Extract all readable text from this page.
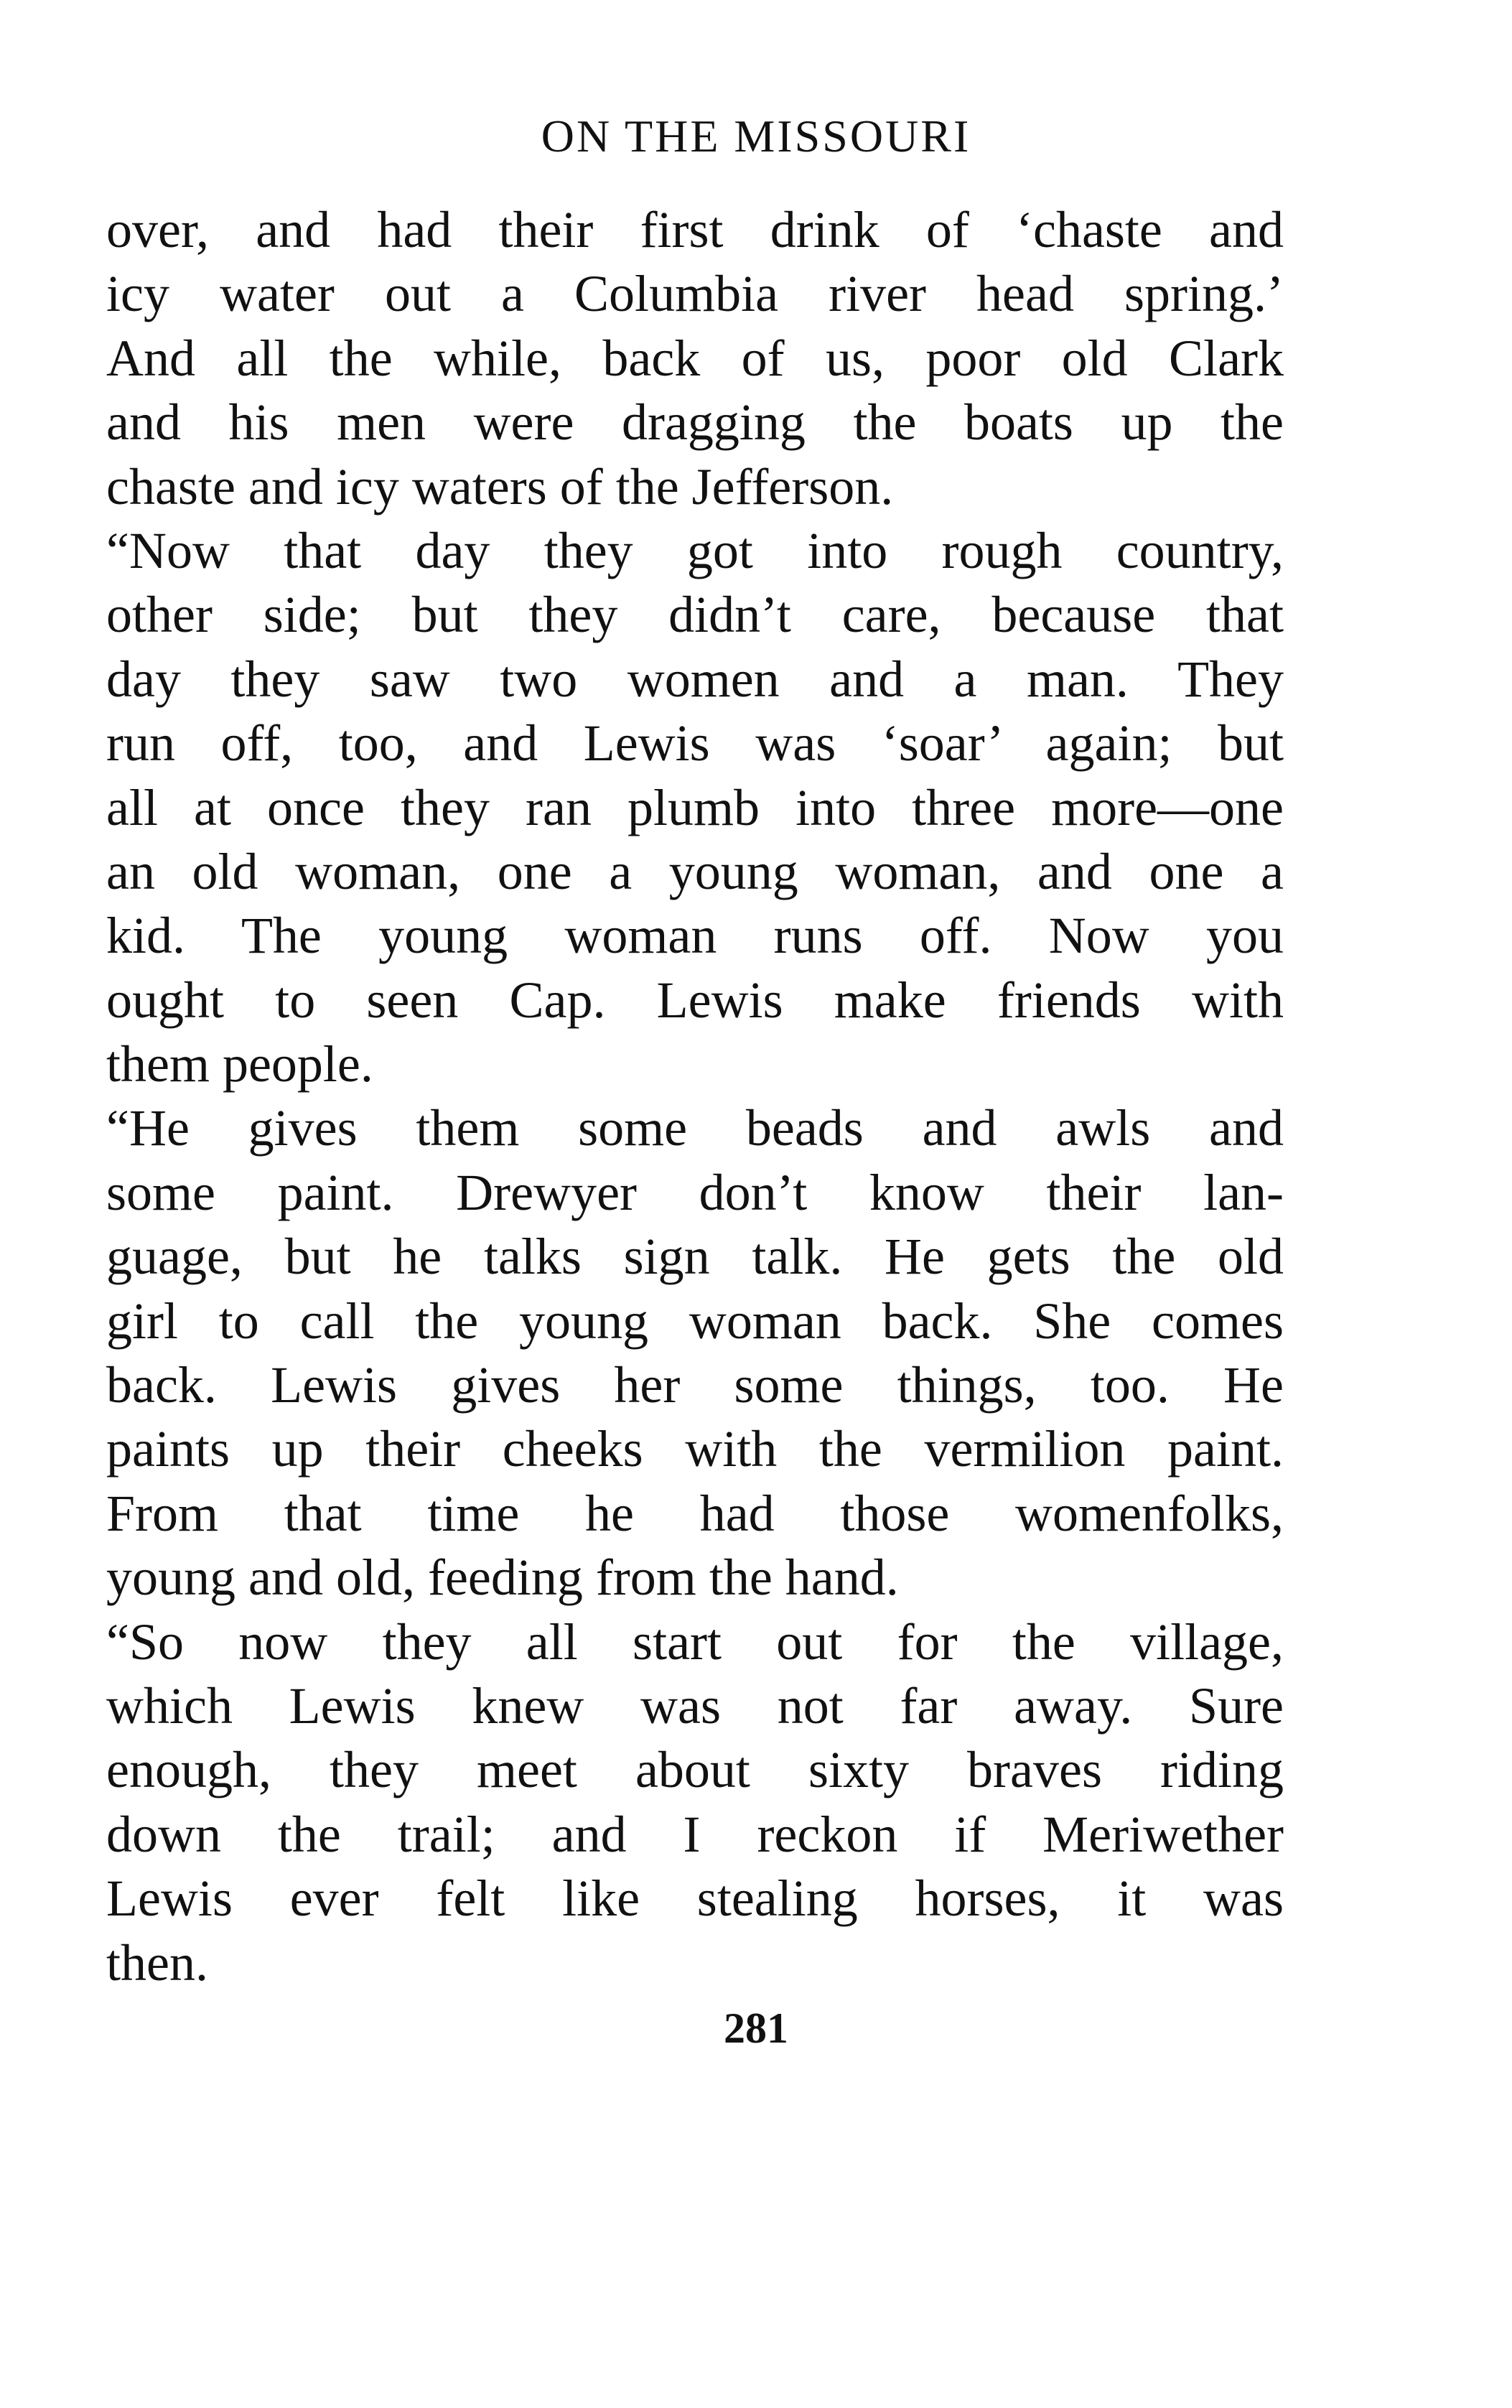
ON THE MISSOURI
over, and had their first drink of ‘chaste and
icy water out a Columbia river head spring.’
And all the while, back of us, poor old Clark
and his men were dragging the boats up the
chaste and icy waters of the Jefferson.
“Now that day they got into rough country,
other side; but they didn’t care, because that
day they saw two women and a man. They
run off, too, and Lewis was ‘soar’ again; but
all at once they ran plumb into three more—one
an old woman, one a young woman, and one a
kid. The young woman runs off. Now you
ought to seen Cap. Lewis make friends with
them people.
“He gives them some beads and awls and
some paint. Drewyer don’t know their lan-
guage, but he talks sign talk. He gets the old
girl to call the young woman back. She comes
back. Lewis gives her some things, too. He
paints up their cheeks with the vermilion paint.
From that time he had those womenfolks,
young and old, feeding from the hand.
“So now they all start out for the village,
which Lewis knew was not far away. Sure
enough, they meet about sixty braves riding
down the trail; and I reckon if Meriwether
Lewis ever felt like stealing horses, it was
then.
281
